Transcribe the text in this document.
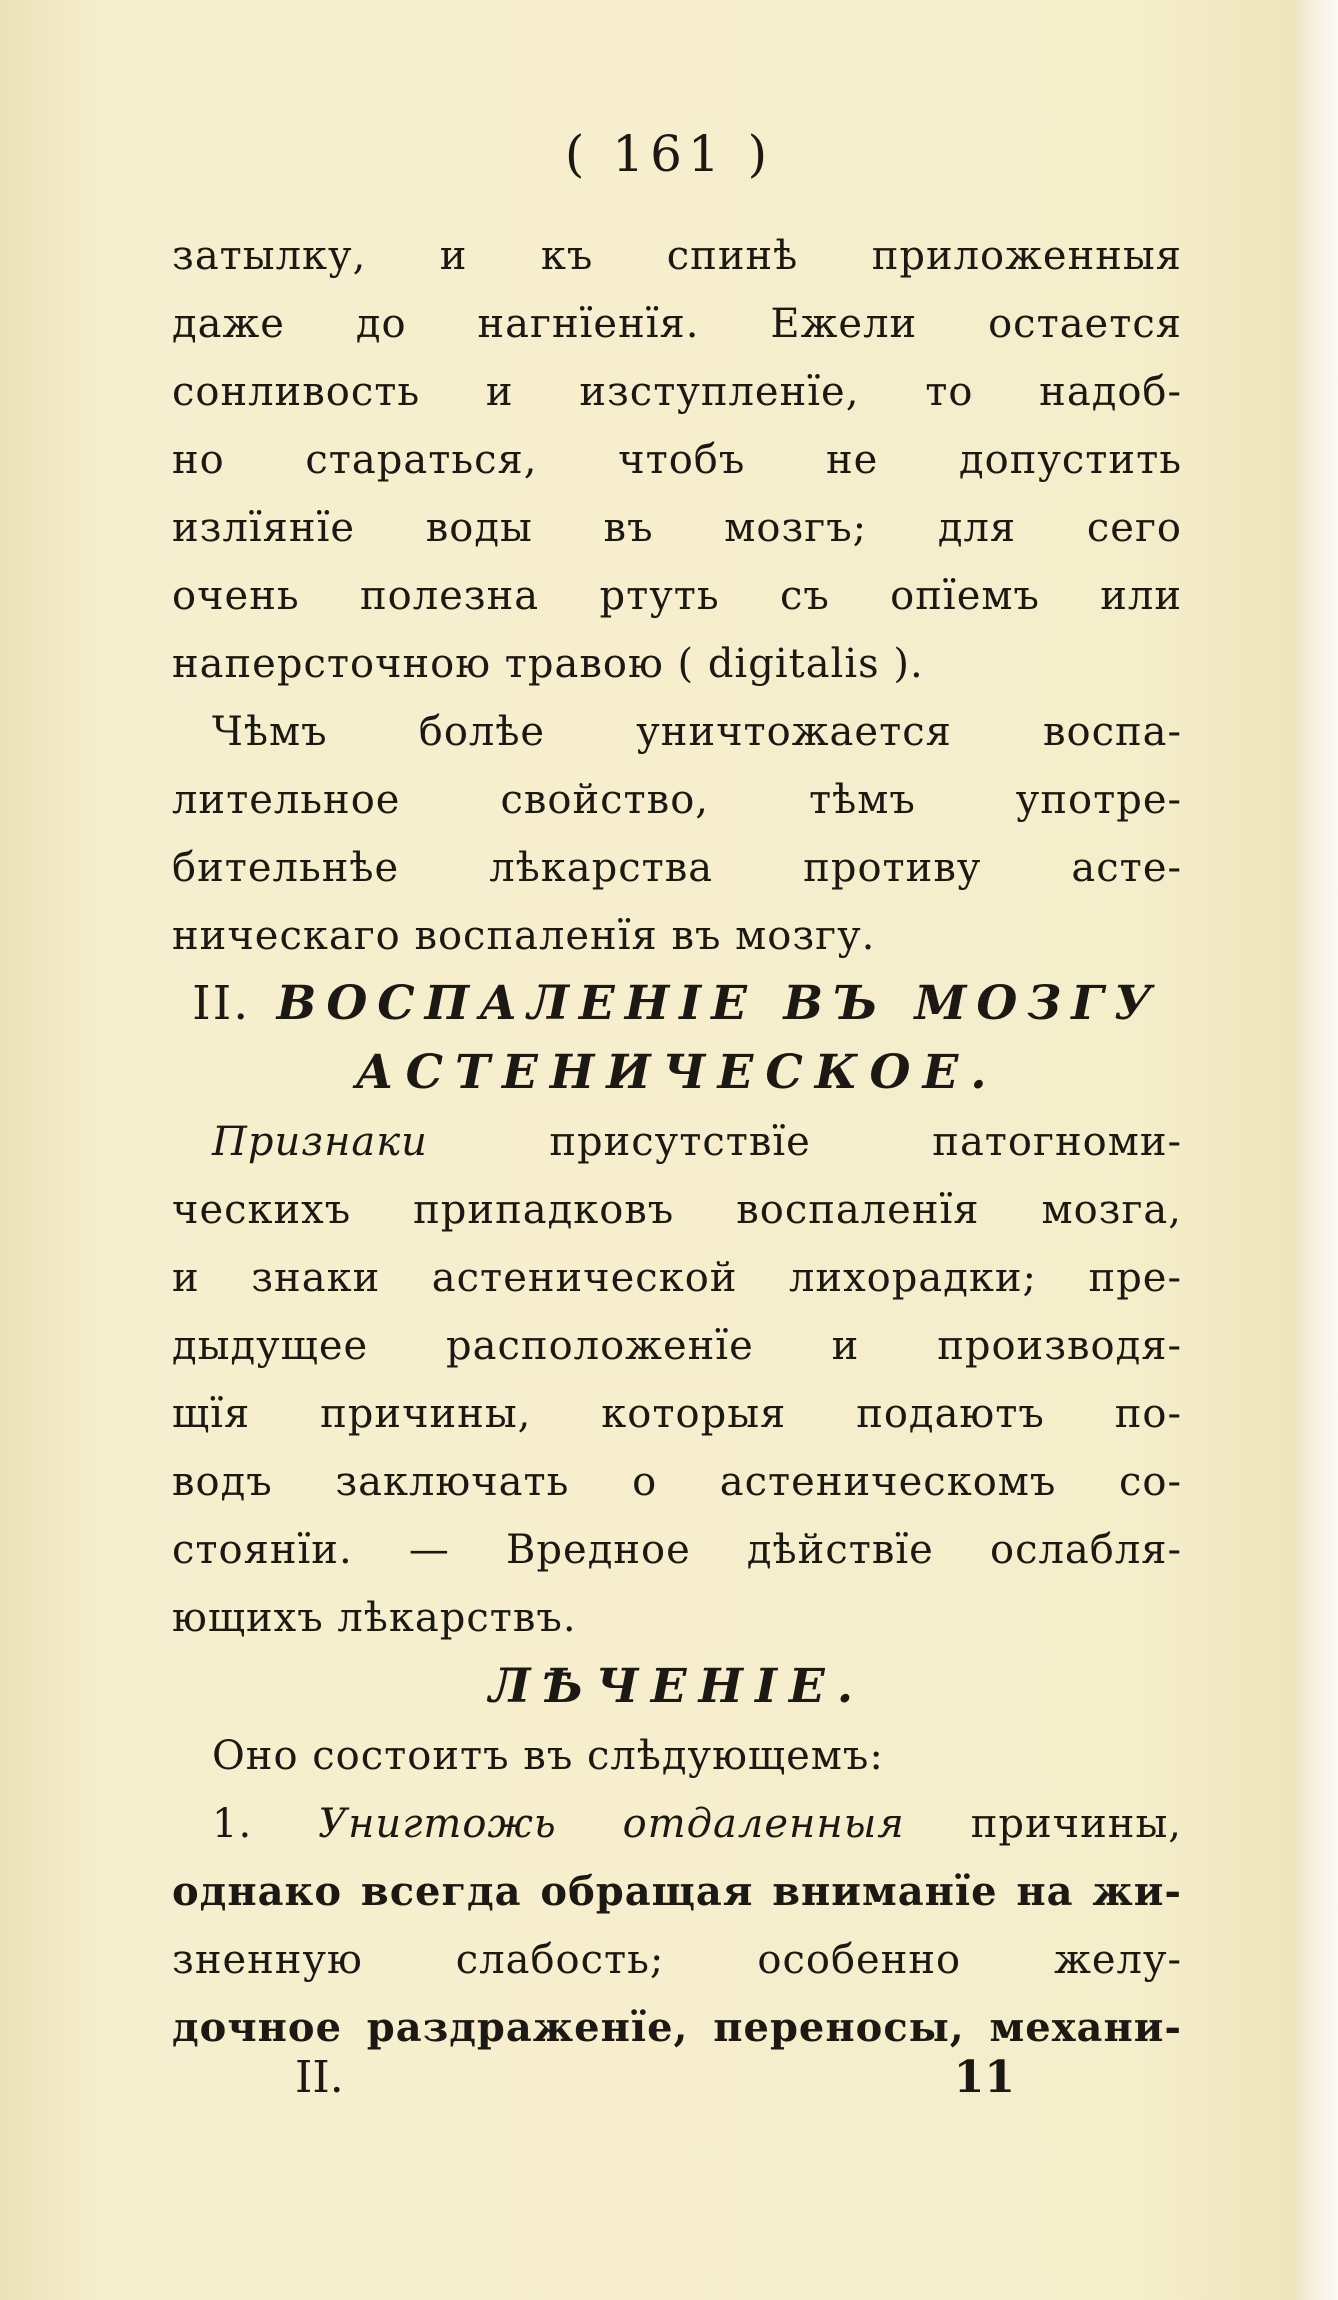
( 161 )
затылку, и къ спинѣ приложенныя
даже до нагнїенїя. Ежели остается
сонливость и изступленїе, то надоб-
но стараться, чтобъ не допустить
излїянїе воды въ мозгъ; для сего
очень полезна ртуть съ опїемъ или
наперсточною травою ( digitalis ).
Чѣмъ болѣе уничтожается воспа-
лительное свойство, тѣмъ употре-
бительнѣе лѣкарства противу асте-
ническаго воспаленїя въ мозгу.
II. ВОСПАЛЕНІЕ ВЪ МОЗГУ
АСТЕНИЧЕСКОЕ.
Признаки присутствїе патогноми-
ческихъ припадковъ воспаленїя мозга,
и знаки астенической лихорадки; пре-
дыдущее расположенїе и производя-
щїя причины, которыя подаютъ по-
водъ заключать о астеническомъ со-
стоянїи. — Вредное дѣйствїе ослабля-
ющихъ лѣкарствъ.
ЛѢЧЕНІЕ.
Оно состоитъ въ слѣдующемъ:
1. Унигтожь отдаленныя причины,
однако всегда обращая вниманїе на жи-
зненную слабость; особенно желу-
дочное раздраженїе, переносы, механи-
II.	11
